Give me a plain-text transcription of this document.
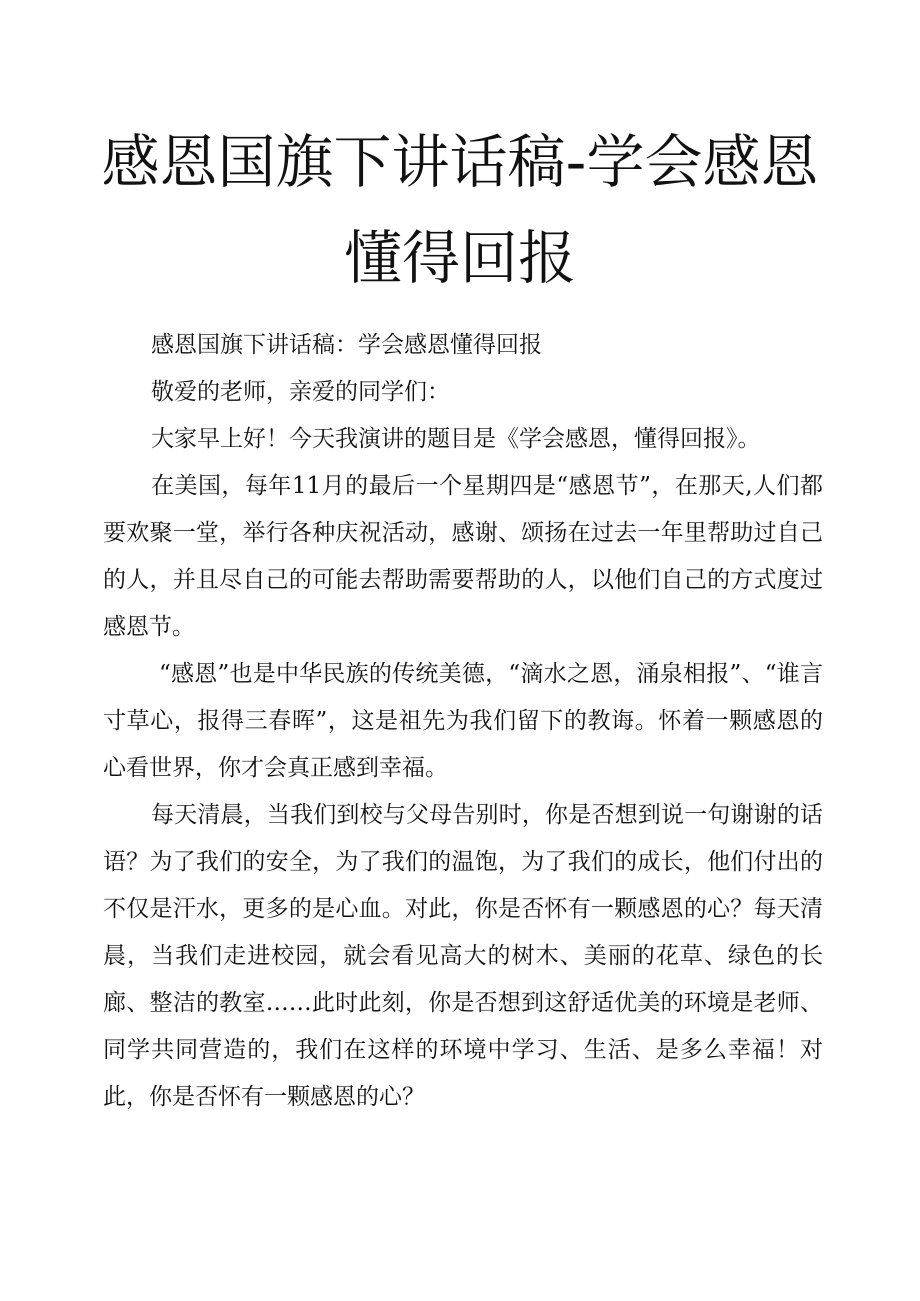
感恩国旗下讲话稿-学会感恩
懂得回报

感恩国旗下讲话稿：学会感恩懂得回报

敬爱的老师，亲爱的同学们：

大家早上好！今天我演讲的题目是《学会感恩，懂得回报》。

在美国，每年11月的最后一个星期四是“感恩节”，在那天,人们都要欢聚一堂，举行各种庆祝活动，感谢、颂扬在过去一年里帮助过自己的人，并且尽自己的可能去帮助需要帮助的人，以他们自己的方式度过感恩节。

“感恩”也是中华民族的传统美德，“滴水之恩，涌泉相报”、“谁言寸草心，报得三春晖”，这是祖先为我们留下的教诲。怀着一颗感恩的心看世界，你才会真正感到幸福。

每天清晨，当我们到校与父母告别时，你是否想到说一句谢谢的话语？为了我们的安全，为了我们的温饱，为了我们的成长，他们付出的不仅是汗水，更多的是心血。对此，你是否怀有一颗感恩的心？每天清晨，当我们走进校园，就会看见高大的树木、美丽的花草、绿色的长廊、整洁的教室……此时此刻，你是否想到这舒适优美的环境是老师、同学共同营造的，我们在这样的环境中学习、生活、是多么幸福！对此，你是否怀有一颗感恩的心？
